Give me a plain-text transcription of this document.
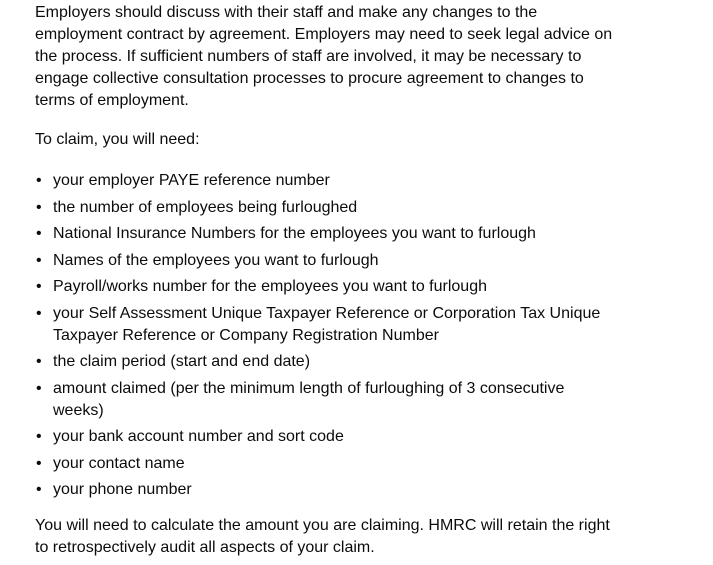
Employers should discuss with their staff and make any changes to the employment contract by agreement. Employers may need to seek legal advice on the process. If sufficient numbers of staff are involved, it may be necessary to engage collective consultation processes to procure agreement to changes to terms of employment.

To claim, you will need:

• your employer PAYE reference number
• the number of employees being furloughed
• National Insurance Numbers for the employees you want to furlough
• Names of the employees you want to furlough
• Payroll/works number for the employees you want to furlough
• your Self Assessment Unique Taxpayer Reference or Corporation Tax Unique Taxpayer Reference or Company Registration Number
• the claim period (start and end date)
• amount claimed (per the minimum length of furloughing of 3 consecutive weeks)
• your bank account number and sort code
• your contact name
• your phone number

You will need to calculate the amount you are claiming. HMRC will retain the right to retrospectively audit all aspects of your claim.
